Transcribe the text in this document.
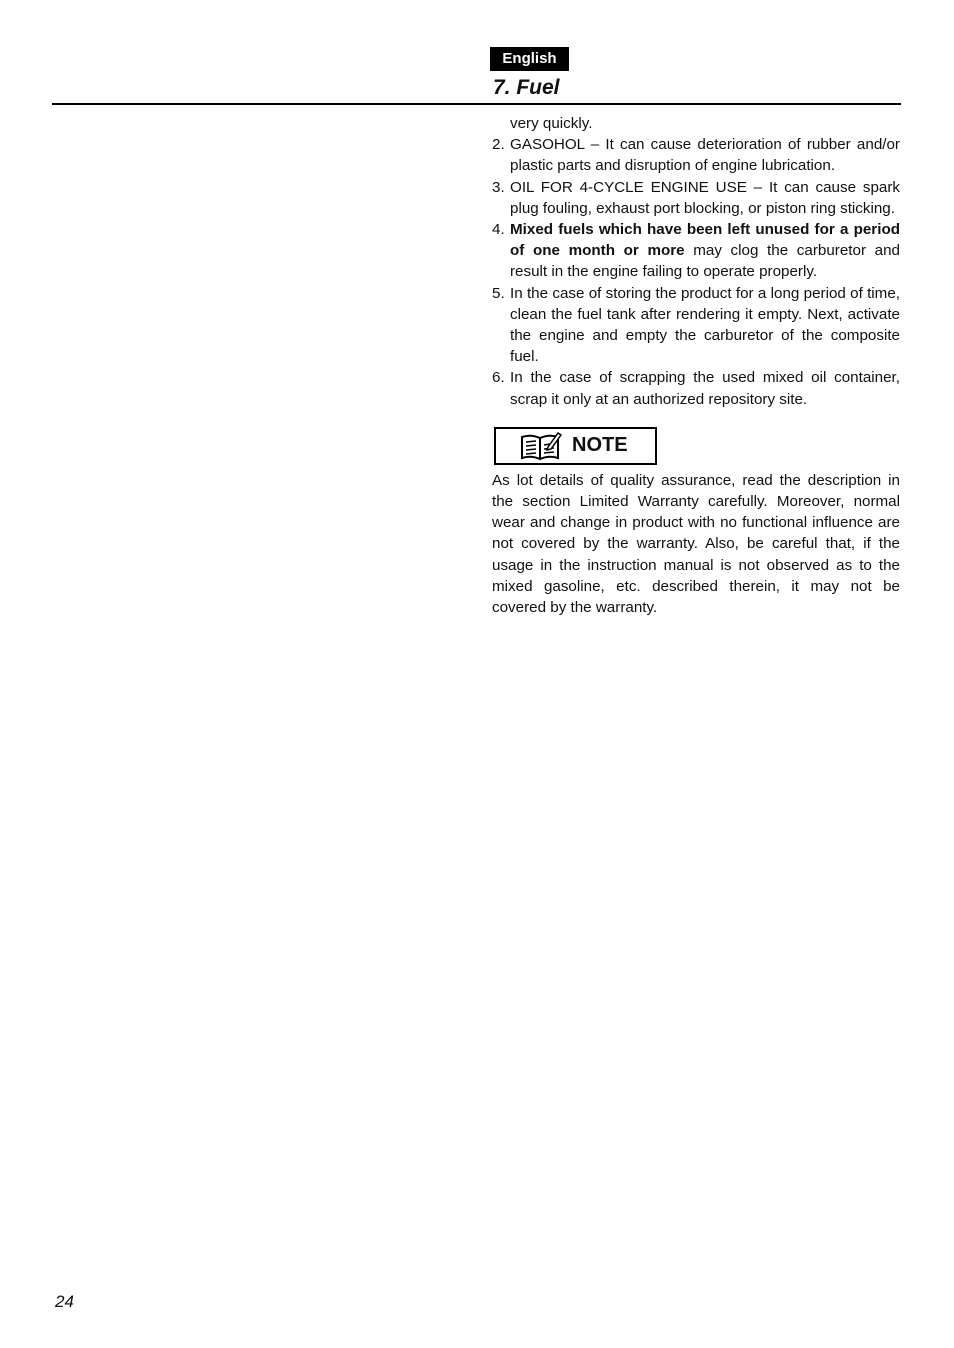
English
7. Fuel
very quickly.
2. GASOHOL – It can cause deterioration of rubber and/or plastic parts and disruption of engine lubrication.
3. OIL FOR 4-CYCLE ENGINE USE – It can cause spark plug fouling, exhaust port blocking, or piston ring sticking.
4. Mixed fuels which have been left unused for a period of one month or more may clog the carburetor and result in the engine failing to operate properly.
5. In the case of storing the product for a long period of time, clean the fuel tank after rendering it empty. Next, activate the engine and empty the carburetor of the composite fuel.
6. In the case of scrapping the used mixed oil container, scrap it only at an authorized repository site.
NOTE
As lot details of quality assurance, read the description in the section Limited Warranty carefully. Moreover, normal wear and change in product with no functional influence are not covered by the warranty. Also, be careful that, if the usage in the instruction manual is not observed as to the mixed gasoline, etc. described therein, it may not be covered by the warranty.
24
